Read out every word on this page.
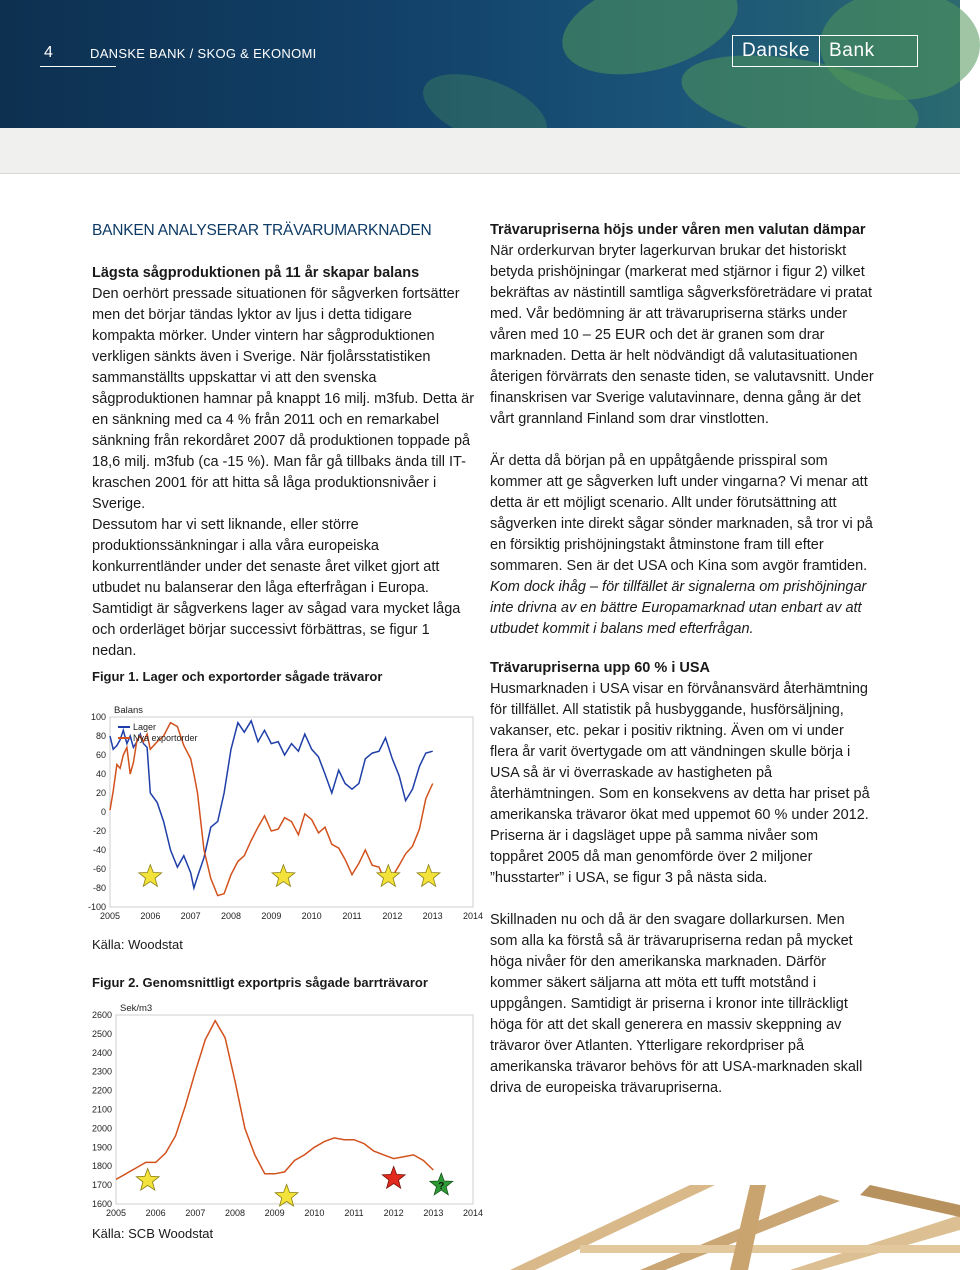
4	DANSKE BANK / SKOG & EKONOMI	Danske	Bank
BANKEN ANALYSERAR TRÄVARUMARKNADEN
Lägsta sågproduktionen på 11 år skapar balans

Den oerhört pressade situationen för sågverken fortsätter men det börjar tändas lyktor av ljus i detta tidigare kompakta mörker. Under vintern har sågproduktionen verkligen sänkts även i Sverige. När fjolårsstatistiken sammanställts uppskattar vi att den svenska sågproduktionen hamnar på knappt 16 milj. m3fub. Detta är en sänkning med ca 4 % från 2011 och en remarkabel sänkning från rekordåret 2007 då produktionen toppade på 18,6 milj. m3fub (ca -15 %). Man får gå tillbaks ända till IT-kraschen 2001 för att hitta så låga produktionsnivåer i Sverige.

Dessutom har vi sett liknande, eller större produktionssänkningar i alla våra europeiska konkurrentländer under det senaste året vilket gjort att utbudet nu balanserar den låga efterfrågan i Europa. Samtidigt är sågverkens lager av sågad vara mycket låga och orderläget börjar successivt förbättras, se figur 1 nedan.

Figur 1. Lager och exportorder sågade trävaror
Balans
100
80
60
40
20
0
-20
-40
-60
-80
-100
2005 2006 2007 2008 2009 2010 2011 2012 2013 2014
Lager
Nya exportorder
Källa: Woodstat
Figur 2. Genomsnittligt exportpris sågade barrträvaror
Sek/m3
2600
2500
2400
2300
2200
2100
2000
1900
1800
1700
1600
2005 2006 2007 2008 2009 2010 2011 2012 2013 2014
?
Källa: SCB Woodstat
Trävarupriserna höjs under våren men valutan dämpar

När orderkurvan bryter lagerkurvan brukar det historiskt betyda prishöjningar (markerat med stjärnor i figur 2) vilket bekräftas av nästintill samtliga sågverksföreträdare vi pratat med. Vår bedömning är att trävarupriserna stärks under våren med 10 – 25 EUR och det är granen som drar marknaden. Detta är helt nödvändigt då valutasituationen återigen förvärrats den senaste tiden, se valutavsnitt. Under finanskrisen var Sverige valutavinnare, denna gång är det vårt grannland Finland som drar vinstlotten.

Är detta då början på en uppåtgående prisspiral som kommer att ge sågverken luft under vingarna? Vi menar att detta är ett möjligt scenario. Allt under förutsättning att sågverken inte direkt sågar sönder marknaden, så tror vi på en försiktig prishöjningstakt åtminstone fram till efter sommaren. Sen är det USA och Kina som avgör framtiden. Kom dock ihåg – för tillfället är signalerna om prishöjningar inte drivna av en bättre Europamarknad utan enbart av att utbudet kommit i balans med efterfrågan.

Trävarupriserna upp 60 % i USA

Husmarknaden i USA visar en förvånansvärd återhämtning för tillfället. All statistik på husbyggande, husförsäljning, vakanser, etc. pekar i positiv riktning. Även om vi under flera år varit övertygade om att vändningen skulle börja i USA så är vi överraskade av hastigheten på återhämtningen. Som en konsekvens av detta har priset på amerikanska trävaror ökat med uppemot 60 % under 2012. Priserna är i dagsläget uppe på samma nivåer som toppåret 2005 då man genomförde över 2 miljoner ”husstarter” i USA, se figur 3 på nästa sida.

Skillnaden nu och då är den svagare dollarkursen. Men som alla ka förstå så är trävarupriserna redan på mycket höga nivåer för den amerikanska marknaden. Därför kommer säkert säljarna att möta ett tufft motstånd i uppgången. Samtidigt är priserna i kronor inte tillräckligt höga för att det skall generera en massiv skeppning av trävaror över Atlanten. Ytterligare rekordpriser på amerikanska trävaror behövs för att USA-marknaden skall driva de europeiska trävarupriserna.
